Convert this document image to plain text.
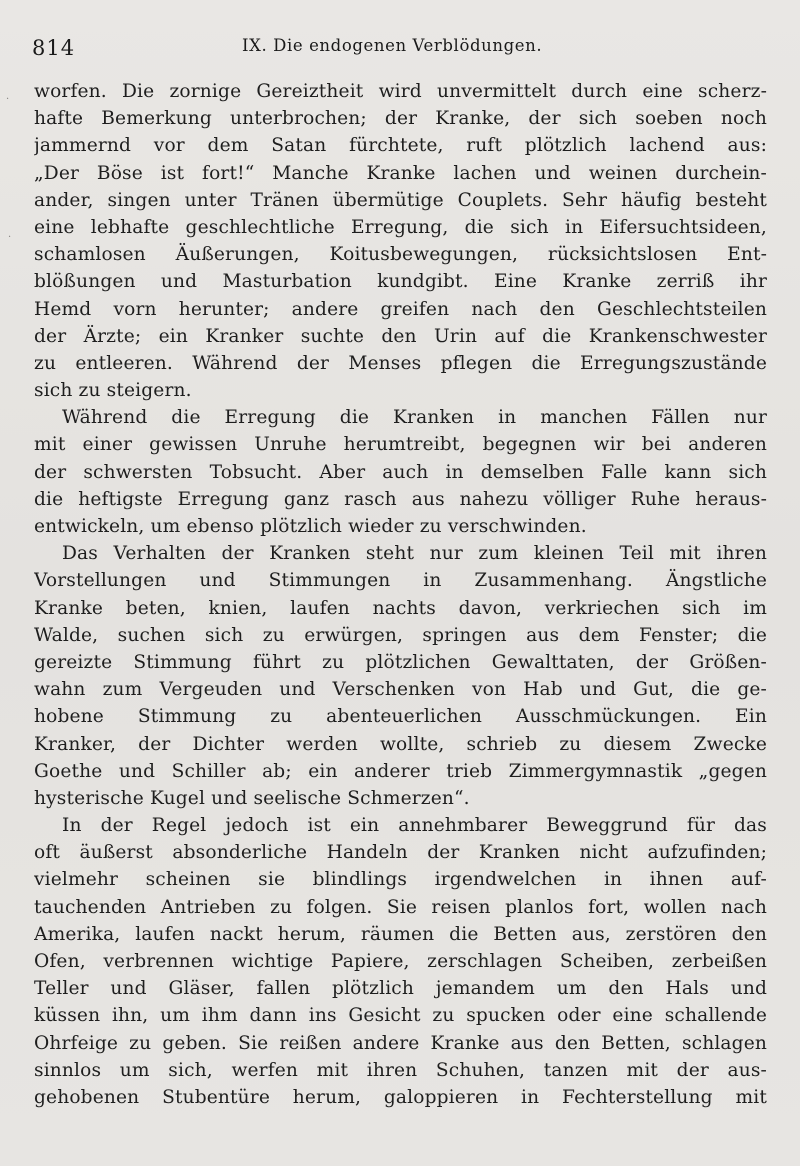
814	IX. Die endogenen Verblödungen.
worfen. Die zornige Gereiztheit wird unvermittelt durch eine scherz-
hafte Bemerkung unterbrochen; der Kranke, der sich soeben noch
jammernd vor dem Satan fürchtete, ruft plötzlich lachend aus:
„Der Böse ist fort!“ Manche Kranke lachen und weinen durchein-
ander, singen unter Tränen übermütige Couplets. Sehr häufig besteht
eine lebhafte geschlechtliche Erregung, die sich in Eifersuchtsideen,
schamlosen Äußerungen, Koitusbewegungen, rücksichtslosen Ent-
blößungen und Masturbation kundgibt. Eine Kranke zerriß ihr
Hemd vorn herunter; andere greifen nach den Geschlechtsteilen
der Ärzte; ein Kranker suchte den Urin auf die Krankenschwester
zu entleeren. Während der Menses pflegen die Erregungszustände
sich zu steigern.
Während die Erregung die Kranken in manchen Fällen nur
mit einer gewissen Unruhe herumtreibt, begegnen wir bei anderen
der schwersten Tobsucht. Aber auch in demselben Falle kann sich
die heftigste Erregung ganz rasch aus nahezu völliger Ruhe heraus-
entwickeln, um ebenso plötzlich wieder zu verschwinden.
Das Verhalten der Kranken steht nur zum kleinen Teil mit ihren
Vorstellungen und Stimmungen in Zusammenhang. Ängstliche
Kranke beten, knien, laufen nachts davon, verkriechen sich im
Walde, suchen sich zu erwürgen, springen aus dem Fenster; die
gereizte Stimmung führt zu plötzlichen Gewalttaten, der Größen-
wahn zum Vergeuden und Verschenken von Hab und Gut, die ge-
hobene Stimmung zu abenteuerlichen Ausschmückungen. Ein
Kranker, der Dichter werden wollte, schrieb zu diesem Zwecke
Goethe und Schiller ab; ein anderer trieb Zimmergymnastik „gegen
hysterische Kugel und seelische Schmerzen“.
In der Regel jedoch ist ein annehmbarer Beweggrund für das
oft äußerst absonderliche Handeln der Kranken nicht aufzufinden;
vielmehr scheinen sie blindlings irgendwelchen in ihnen auf-
tauchenden Antrieben zu folgen. Sie reisen planlos fort, wollen nach
Amerika, laufen nackt herum, räumen die Betten aus, zerstören den
Ofen, verbrennen wichtige Papiere, zerschlagen Scheiben, zerbeißen
Teller und Gläser, fallen plötzlich jemandem um den Hals und
küssen ihn, um ihm dann ins Gesicht zu spucken oder eine schallende
Ohrfeige zu geben. Sie reißen andere Kranke aus den Betten, schlagen
sinnlos um sich, werfen mit ihren Schuhen, tanzen mit der aus-
gehobenen Stubentüre herum, galoppieren in Fechterstellung mit
·
·
